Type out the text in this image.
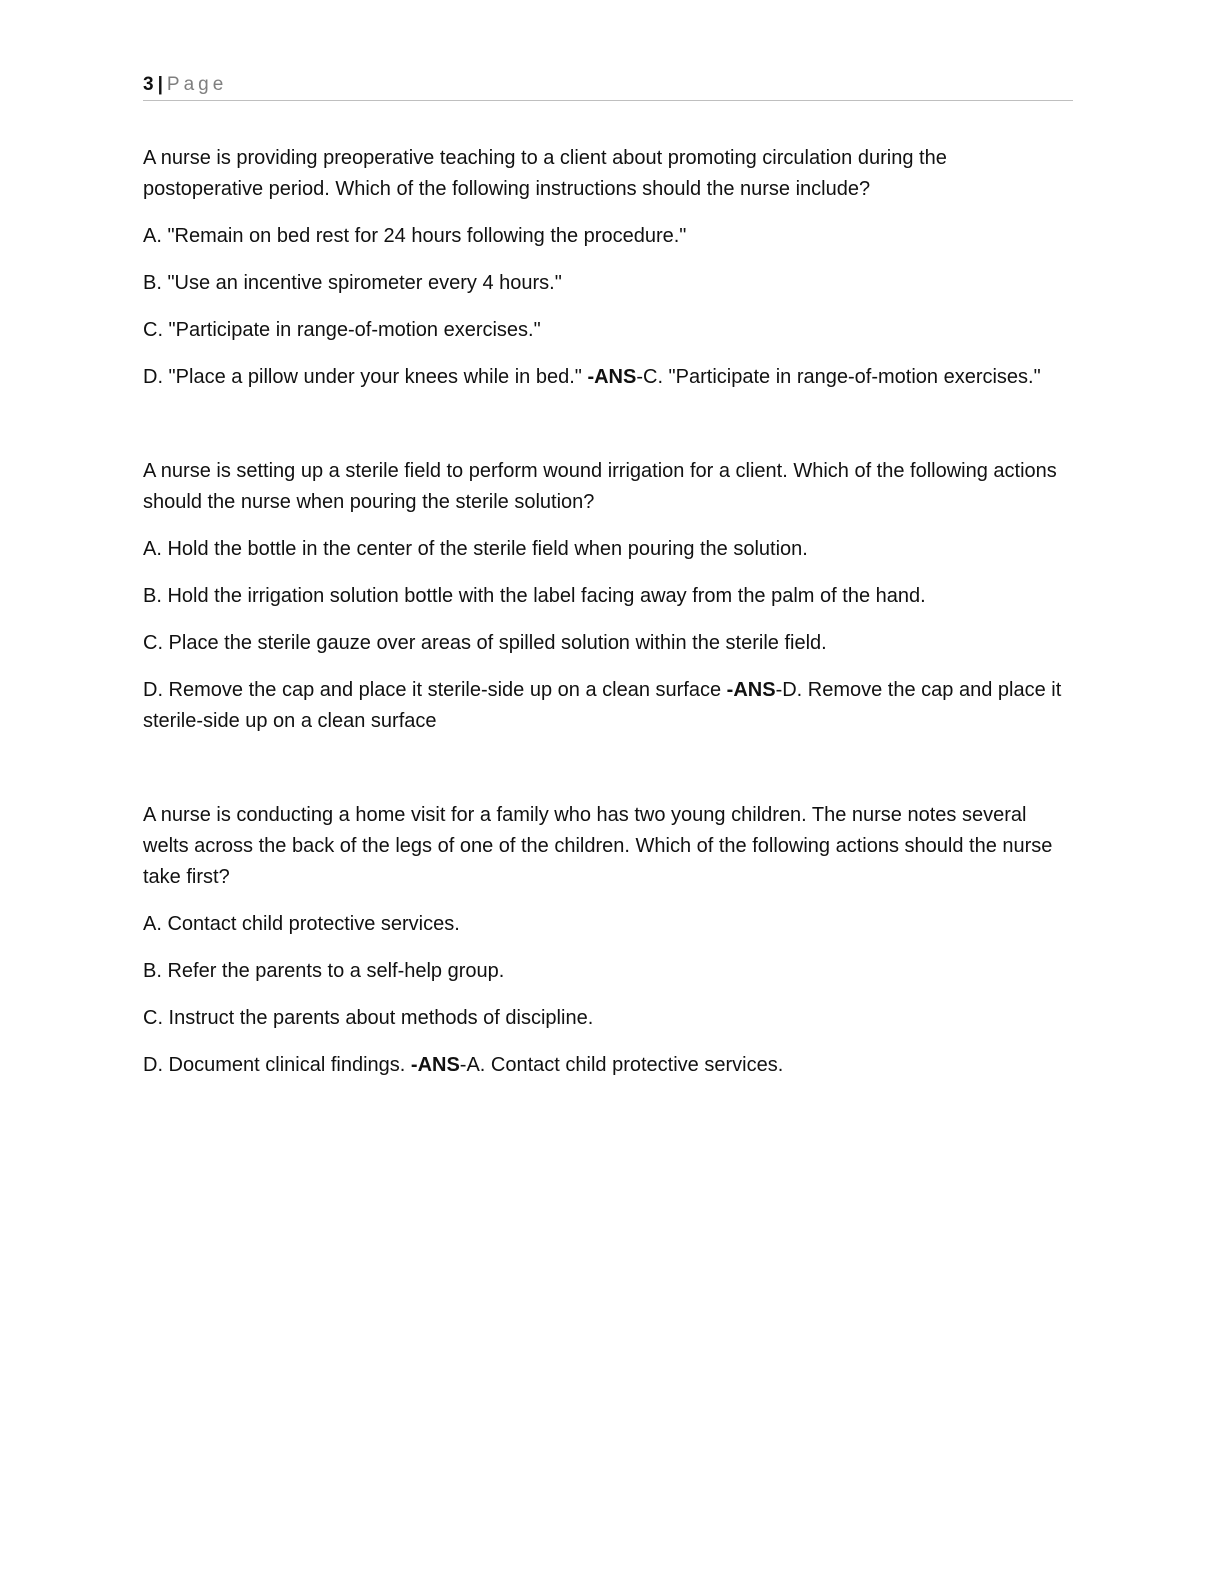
3 | Page

A nurse is providing preoperative teaching to a client about promoting circulation during the postoperative period. Which of the following instructions should the nurse include?

A. "Remain on bed rest for 24 hours following the procedure."

B. "Use an incentive spirometer every 4 hours."

C. "Participate in range-of-motion exercises."

D. "Place a pillow under your knees while in bed." -ANS-C. "Participate in range-of-motion exercises."

A nurse is setting up a sterile field to perform wound irrigation for a client. Which of the following actions should the nurse when pouring the sterile solution?

A. Hold the bottle in the center of the sterile field when pouring the solution.

B. Hold the irrigation solution bottle with the label facing away from the palm of the hand.

C. Place the sterile gauze over areas of spilled solution within the sterile field.

D. Remove the cap and place it sterile-side up on a clean surface -ANS-D. Remove the cap and place it sterile-side up on a clean surface

A nurse is conducting a home visit for a family who has two young children. The nurse notes several welts across the back of the legs of one of the children. Which of the following actions should the nurse take first?

A. Contact child protective services.

B. Refer the parents to a self-help group.

C. Instruct the parents about methods of discipline.

D. Document clinical findings. -ANS-A. Contact child protective services.
